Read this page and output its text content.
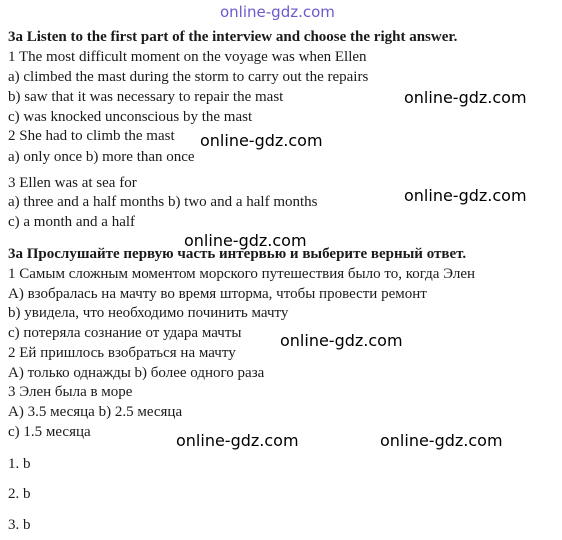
online-gdz.com
3a Listen to the first part of the interview and choose the right answer.
1 The most difficult moment on the voyage was when Ellen
a) climbed the mast during the storm to carry out the repairs
b) saw that it was necessary to repair the mast
c) was knocked unconscious by the mast
2 She had to climb the mast
a) only once b) more than once
3 Ellen was at sea for
a) three and a half months b) two and a half months
c) a month and a half
3a Прослушайте первую часть интервью и выберите верный ответ.
1 Самым сложным моментом морского путешествия было то, когда Элен
А) взобралась на мачту во время шторма, чтобы провести ремонт
b) увидела, что необходимо починить мачту
c) потеряла сознание от удара мачты
2 Ей пришлось взобраться на мачту
А) только однажды b) более одного раза
3 Элен была в море
А) 3.5 месяца b) 2.5 месяца
c) 1.5 месяца
1. b
2. b
3. b
online-gdz.com
online-gdz.com
online-gdz.com
online-gdz.com
online-gdz.com
online-gdz.com	online-gdz.com
